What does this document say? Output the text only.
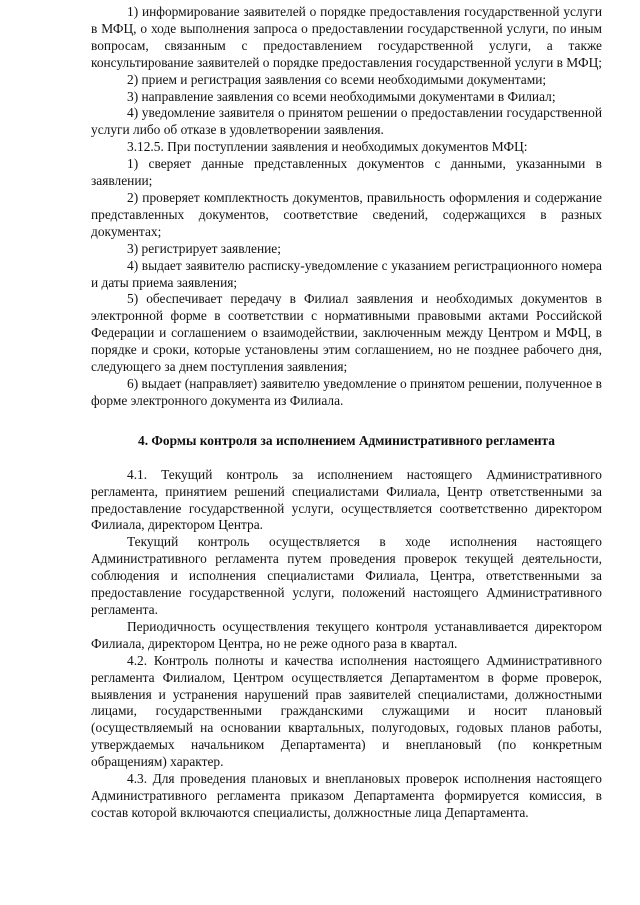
1) информирование заявителей о порядке предоставления государственной услуги в МФЦ, о ходе выполнения запроса о предоставлении государственной услуги, по иным вопросам, связанным с предоставлением государственной услуги, а также консультирование заявителей о порядке предоставления государственной услуги в МФЦ;

2) прием и регистрация заявления со всеми необходимыми документами;

3) направление заявления со всеми необходимыми документами в Филиал;

4) уведомление заявителя о принятом решении о предоставлении государственной услуги либо об отказе в удовлетворении заявления.

3.12.5. При поступлении заявления и необходимых документов МФЦ:

1) сверяет данные представленных документов с данными, указанными в заявлении;

2) проверяет комплектность документов, правильность оформления и содержание представленных документов, соответствие сведений, содержащихся в разных документах;

3) регистрирует заявление;

4) выдает заявителю расписку-уведомление с указанием регистрационного номера и даты приема заявления;

5) обеспечивает передачу в Филиал заявления и необходимых документов в электронной форме в соответствии с нормативными правовыми актами Российской Федерации и соглашением о взаимодействии, заключенным между Центром и МФЦ, в порядке и сроки, которые установлены этим соглашением, но не позднее рабочего дня, следующего за днем поступления заявления;

6) выдает (направляет) заявителю уведомление о принятом решении, полученное в форме электронного документа из Филиала.

4. Формы контроля за исполнением Административного регламента

4.1. Текущий контроль за исполнением настоящего Административного регламента, принятием решений специалистами Филиала, Центр ответственными за предоставление государственной услуги, осуществляется соответственно директором Филиала, директором Центра.

Текущий контроль осуществляется в ходе исполнения настоящего Административного регламента путем проведения проверок текущей деятельности, соблюдения и исполнения специалистами Филиала, Центра, ответственными за предоставление государственной услуги, положений настоящего Административного регламента.

Периодичность осуществления текущего контроля устанавливается директором Филиала, директором Центра, но не реже одного раза в квартал.

4.2. Контроль полноты и качества исполнения настоящего Административного регламента Филиалом, Центром осуществляется Департаментом в форме проверок, выявления и устранения нарушений прав заявителей специалистами, должностными лицами, государственными гражданскими служащими и носит плановый (осуществляемый на основании квартальных, полугодовых, годовых планов работы, утверждаемых начальником Департамента) и внеплановый (по конкретным обращениям) характер.

4.3. Для проведения плановых и внеплановых проверок исполнения настоящего Административного регламента приказом Департамента формируется комиссия, в состав которой включаются специалисты, должностные лица Департамента.
